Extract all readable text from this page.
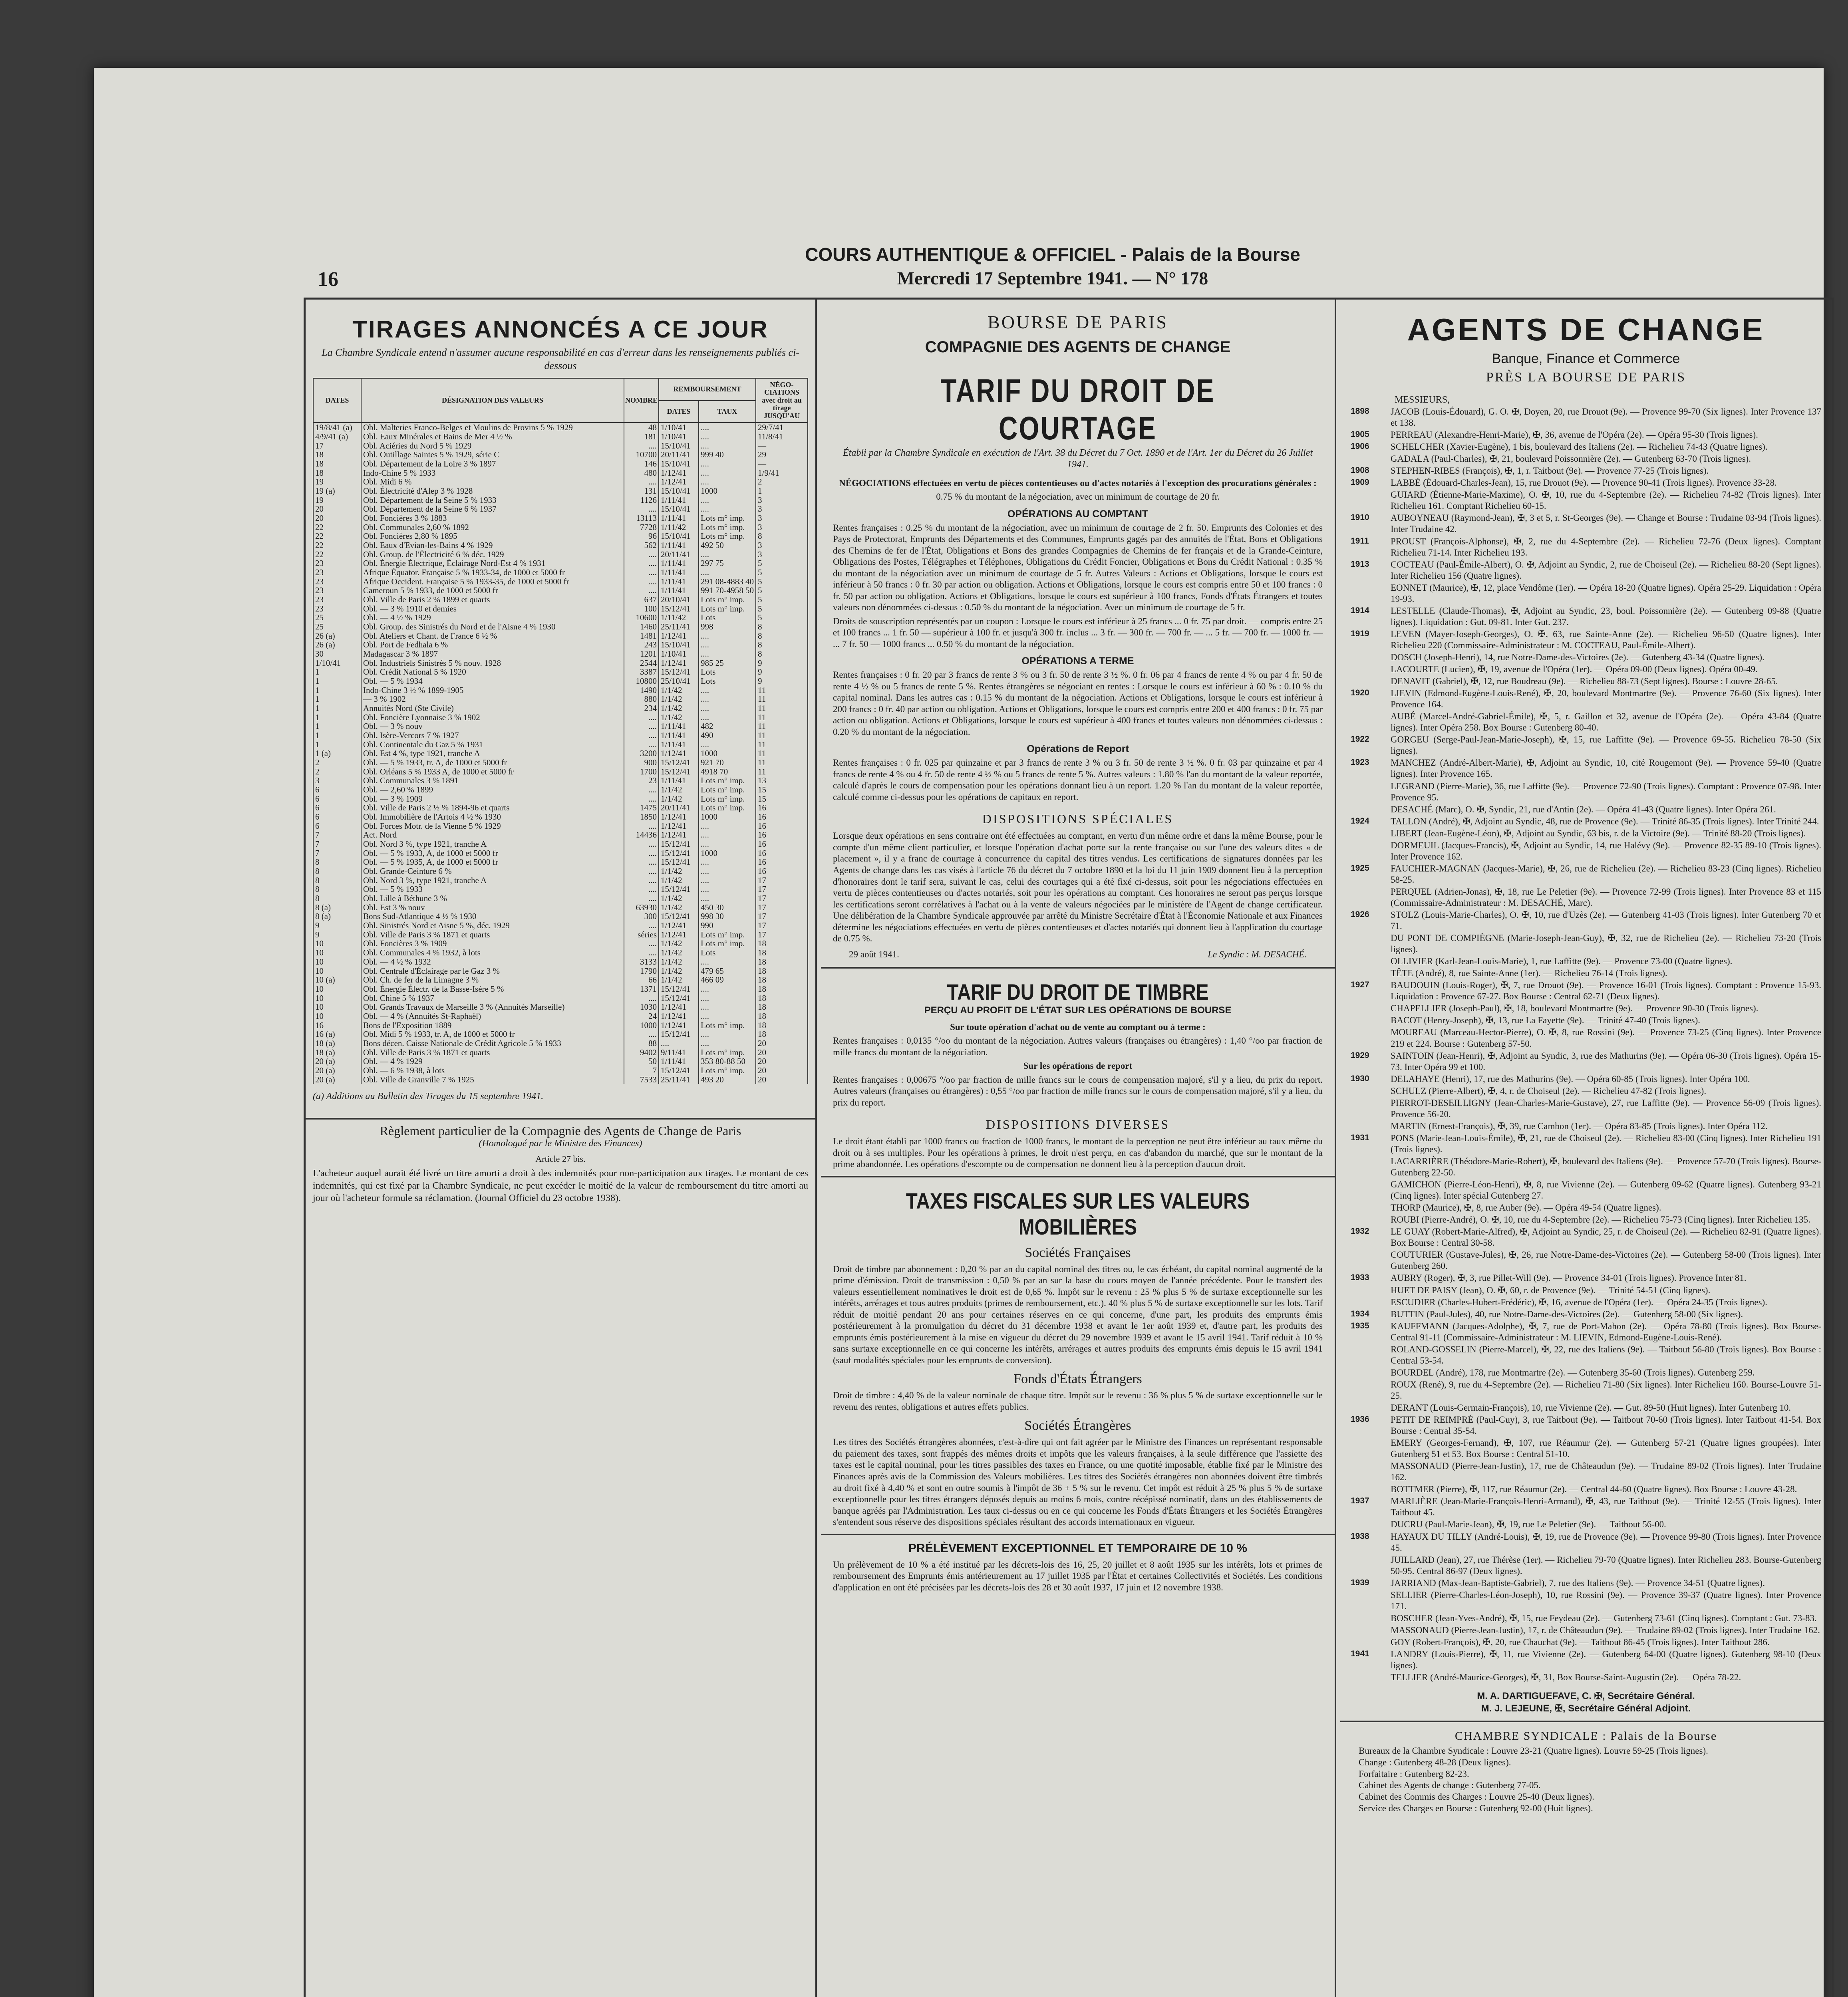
16
COURS AUTHENTIQUE & OFFICIEL - Palais de la Bourse
Mercredi 17 Septembre 1941. — N° 178
TIRAGES ANNONCÉS A CE JOUR
La Chambre Syndicale entend n'assumer aucune responsabilité en cas d'erreur dans les renseignements publiés ci-dessous
DATES	DÉSIGNATION DES VALEURS	NOMBRE	REMBOURSEMENT		NÉGO-CIATIONS avec droit au tirage JUSQU'AU
			DATES	TAUX	
19/8/41 (a)	Obl. Malteries Franco-Belges et Moulins de Provins 5 % 1929	48	1/10/41	....	29/7/41
4/9/41 (a)	Obl. Eaux Minérales et Bains de Mer 4 ½ %	181	1/10/41	....	11/8/41
17	Obl. Aciéries du Nord 5 % 1929	....	15/10/41	....	—
18	Obl. Outillage Saintes 5 % 1929, série C	10700	20/11/41	999 40	29
18	Obl. Département de la Loire 3 % 1897	146	15/10/41	....	—
18	Indo-Chine 5 % 1933	480	1/12/41	....	1/9/41
19	Obl. Midi 6 %	....	1/12/41	....	2
19 (a)	Obl. Électricité d'Alep 3 % 1928	131	15/10/41	1000	1
19	Obl. Département de la Seine 5 % 1933	1126	1/11/41	....	3
20	Obl. Département de la Seine 6 % 1937	....	15/10/41	....	3
20	Obl. Foncières 3 % 1883	13113	1/11/41	Lots m° imp.	3
22	Obl. Communales 2,60 % 1892	7728	1/11/42	Lots m° imp.	3
22	Obl. Foncières 2,80 % 1895	96	15/10/41	Lots m° imp.	8
22	Obl. Eaux d'Evian-les-Bains 4 % 1929	562	1/11/41	492 50	3
22	Obl. Group. de l'Électricité 6 % déc. 1929	....	20/11/41	....	3
23	Obl. Énergie Électrique, Éclairage Nord-Est 4 % 1931	....	1/11/41	297 75	5
23	Afrique Équator. Française 5 % 1933-34, de 1000 et 5000 fr	....	1/11/41	....	5
23	Afrique Occident. Française 5 % 1933-35, de 1000 et 5000 fr	....	1/11/41	291 08-4883 40	5
23	Cameroun 5 % 1933, de 1000 et 5000 fr	....	1/11/41	991 70-4958 50	5
23	Obl. Ville de Paris 2 % 1899 et quarts	637	20/10/41	Lots m° imp.	5
23	Obl. — 3 % 1910 et demies	100	15/12/41	Lots m° imp.	5
25	Obl. — 4 ½ % 1929	10600	1/11/42	Lots	5
25	Obl. Group. des Sinistrés du Nord et de l'Aisne 4 % 1930	1460	25/11/41	998	8
26 (a)	Obl. Ateliers et Chant. de France 6 ½ %	1481	1/12/41	....	8
26 (a)	Obl. Port de Fedhala 6 %	243	15/10/41	....	8
30	Madagascar 3 % 1897	1201	1/10/41	....	8
1/10/41	Obl. Industriels Sinistrés 5 % nouv. 1928	2544	1/12/41	985 25	9
1	Obl. Crédit National 5 % 1920	3387	15/12/41	Lots	9
1	Obl. — 5 % 1934	10800	25/10/41	Lots	9
1	Indo-Chine 3 ½ % 1899-1905	1490	1/1/42	....	11
1	— 3 % 1902	880	1/1/42	....	11
1	Annuités Nord (Ste Civile)	234	1/1/42	....	11
1	Obl. Foncière Lyonnaise 3 % 1902	....	1/1/42	....	11
1	Obl. — 3 % nouv	....	1/11/41	482	11
1	Obl. Isère-Vercors 7 % 1927	....	1/11/41	490	11
1	Obl. Continentale du Gaz 5 % 1931	....	1/11/41	....	11
1 (a)	Obl. Est 4 %, type 1921, tranche A	3200	1/12/41	1000	11
2	Obl. — 5 % 1933, tr. A, de 1000 et 5000 fr	900	15/12/41	921 70	11
2	Obl. Orléans 5 % 1933 A, de 1000 et 5000 fr	1700	15/12/41	4918 70	11
3	Obl. Communales 3 % 1891	23	1/11/41	Lots m° imp.	13
6	Obl. — 2,60 % 1899	....	1/1/42	Lots m° imp.	15
6	Obl. — 3 % 1909	....	1/1/42	Lots m° imp.	15
6	Obl. Ville de Paris 2 ½ % 1894-96 et quarts	1475	20/11/41	Lots m° imp.	16
6	Obl. Immobilière de l'Artois 4 ½ % 1930	1850	1/12/41	1000	16
6	Obl. Forces Motr. de la Vienne 5 % 1929	....	1/12/41	....	16
7	Act. Nord	14436	1/12/41	....	16
7	Obl. Nord 3 %, type 1921, tranche A	....	15/12/41	....	16
7	Obl. — 5 % 1933, A, de 1000 et 5000 fr	....	15/12/41	1000	16
8	Obl. — 5 % 1935, A, de 1000 et 5000 fr	....	15/12/41	....	16
8	Obl. Grande-Ceinture 6 %	....	1/1/42	....	16
8	Obl. Nord 3 %, type 1921, tranche A	....	1/1/42	....	17
8	Obl. — 5 % 1933	....	15/12/41	....	17
8	Obl. Lille à Béthune 3 %	....	1/1/42	....	17
8 (a)	Obl. Est 3 % nouv	63930	1/1/42	450 30	17
8 (a)	Bons Sud-Atlantique 4 ½ % 1930	300	15/12/41	998 30	17
9	Obl. Sinistrés Nord et Aisne 5 %, déc. 1929	....	1/12/41	990	17
9	Obl. Ville de Paris 3 % 1871 et quarts	séries	1/12/41	Lots m° imp.	17
10	Obl. Foncières 3 % 1909	....	1/1/42	Lots m° imp.	18
10	Obl. Communales 4 % 1932, à lots	....	1/1/42	Lots	18
10	Obl. — 4 ½ % 1932	3133	1/1/42	....	18
10	Obl. Centrale d'Éclairage par le Gaz 3 %	1790	1/1/42	479 65	18
10 (a)	Obl. Ch. de fer de la Limagne 3 %	66	1/1/42	466 09	18
10	Obl. Énergie Électr. de la Basse-Isère 5 %	1371	15/12/41	....	18
10	Obl. Chine 5 % 1937	....	15/12/41	....	18
10	Obl. Grands Travaux de Marseille 3 % (Annuités Marseille)	1030	1/12/41	....	18
10	Obl. — 4 % (Annuités St-Raphaël)	24	1/12/41	....	18
16	Bons de l'Exposition 1889	1000	1/12/41	Lots m° imp.	18
16 (a)	Obl. Midi 5 % 1933, tr. A, de 1000 et 5000 fr	....	15/12/41	....	18
18 (a)	Bons décen. Caisse Nationale de Crédit Agricole 5 % 1933	88	....	....	20
18 (a)	Obl. Ville de Paris 3 % 1871 et quarts	9402	9/11/41	Lots m° imp.	20
20 (a)	Obl. — 4 % 1929	50	1/11/41	353 80-88 50	20
20 (a)	Obl. — 6 % 1938, à lots	7	15/12/41	Lots m° imp.	20
20 (a)	Obl. Ville de Granville 7 % 1925	7533	25/11/41	493 20	20
(a) Additions au Bulletin des Tirages du 15 septembre 1941.
Règlement particulier de la Compagnie des Agents de Change de Paris
(Homologué par le Ministre des Finances)
Article 27 bis.
L'acheteur auquel aurait été livré un titre amorti a droit à des indemnités pour non-participation aux tirages. Le montant de ces indemnités, qui est fixé par la Chambre Syndicale, ne peut excéder le moitié de la valeur de remboursement du titre amorti au jour où l'acheteur formule sa réclamation. (Journal Officiel du 23 octobre 1938).
BOURSE DE PARIS
COMPAGNIE DES AGENTS DE CHANGE
TARIF DU DROIT DE COURTAGE
Établi par la Chambre Syndicale en exécution de l'Art. 38 du Décret du 7 Oct. 1890 et de l'Art. 1er du Décret du 26 Juillet 1941.

NÉGOCIATIONS effectuées en vertu de pièces contentieuses ou d'actes notariés à l'exception des procurations générales :

0.75 % du montant de la négociation, avec un minimum de courtage de 20 fr.

OPÉRATIONS AU COMPTANT

Rentes françaises : 0.25 % du montant de la négociation, avec un minimum de courtage de 2 fr. 50. Emprunts des Colonies et des Pays de Protectorat, Emprunts des Départements et des Communes, Emprunts gagés par des annuités de l'État, Bons et Obligations des Chemins de fer de l'État, Obligations et Bons des grandes Compagnies de Chemins de fer français et de la Grande-Ceinture, Obligations des Postes, Télégraphes et Téléphones, Obligations du Crédit Foncier, Obligations et Bons du Crédit National : 0.35 % du montant de la négociation avec un minimum de courtage de 5 fr. Autres Valeurs : Actions et Obligations, lorsque le cours est inférieur à 50 francs : 0 fr. 30 par action ou obligation. Actions et Obligations, lorsque le cours est compris entre 50 et 100 francs : 0 fr. 50 par action ou obligation. Actions et Obligations, lorsque le cours est supérieur à 100 francs, Fonds d'États Étrangers et toutes valeurs non dénommées ci-dessus : 0.50 % du montant de la négociation. Avec un minimum de courtage de 5 fr.

Droits de souscription représentés par un coupon : Lorsque le cours est inférieur à 25 francs ... 0 fr. 75 par droit. — compris entre 25 et 100 francs ... 1 fr. 50 — supérieur à 100 fr. et jusqu'à 300 fr. inclus ... 3 fr. — 300 fr. — 700 fr. — ... 5 fr. — 700 fr. — 1000 fr. — ... 7 fr. 50 — 1000 francs ... 0.50 % du montant de la négociation.

OPÉRATIONS A TERME

Rentes françaises : 0 fr. 20 par 3 francs de rente 3 % ou 3 fr. 50 de rente 3 ½ %. 0 fr. 06 par 4 francs de rente 4 % ou par 4 fr. 50 de rente 4 ½ % ou 5 francs de rente 5 %. Rentes étrangères se négociant en rentes : Lorsque le cours est inférieur à 60 % : 0.10 % du capital nominal. Dans les autres cas : 0.15 % du montant de la négociation. Actions et Obligations, lorsque le cours est inférieur à 200 francs : 0 fr. 40 par action ou obligation. Actions et Obligations, lorsque le cours est compris entre 200 et 400 francs : 0 fr. 75 par action ou obligation. Actions et Obligations, lorsque le cours est supérieur à 400 francs et toutes valeurs non dénommées ci-dessus : 0.20 % du montant de la négociation.

Opérations de Report

Rentes françaises : 0 fr. 025 par quinzaine et par 3 francs de rente 3 % ou 3 fr. 50 de rente 3 ½ %. 0 fr. 03 par quinzaine et par 4 francs de rente 4 % ou 4 fr. 50 de rente 4 ½ % ou 5 francs de rente 5 %. Autres valeurs : 1.80 % l'an du montant de la valeur reportée, calculé d'après le cours de compensation pour les opérations donnant lieu à un report. 1.20 % l'an du montant de la valeur reportée, calculé comme ci-dessus pour les opérations de capitaux en report.

DISPOSITIONS SPÉCIALES

Lorsque deux opérations en sens contraire ont été effectuées au comptant, en vertu d'un même ordre et dans la même Bourse, pour le compte d'un même client particulier, et lorsque l'opération d'achat porte sur la rente française ou sur l'une des valeurs dites « de placement », il y a franc de courtage à concurrence du capital des titres vendus. Les certifications de signatures données par les Agents de change dans les cas visés à l'article 76 du décret du 7 octobre 1890 et la loi du 11 juin 1909 donnent lieu à la perception d'honoraires dont le tarif sera, suivant le cas, celui des courtages qui a été fixé ci-dessus, soit pour les négociations effectuées en vertu de pièces contentieuses ou d'actes notariés, soit pour les opérations au comptant. Ces honoraires ne seront pas perçus lorsque les certifications seront corrélatives à l'achat ou à la vente de valeurs négociées par le ministère de l'Agent de change certificateur. Une délibération de la Chambre Syndicale approuvée par arrêté du Ministre Secrétaire d'État à l'Économie Nationale et aux Finances détermine les négociations effectuées en vertu de pièces contentieuses et d'actes notariés qui donnent lieu à l'application du courtage de 0.75 %.

29 août 1941.	Le Syndic : M. DESACHÉ.
TARIF DU DROIT DE TIMBRE
PERÇU AU PROFIT DE L'ÉTAT SUR LES OPÉRATIONS DE BOURSE

Sur toute opération d'achat ou de vente au comptant ou à terme :

Rentes françaises : 0,0135 °/oo du montant de la négociation. Autres valeurs (françaises ou étrangères) : 1,40 °/oo par fraction de mille francs du montant de la négociation.

Sur les opérations de report

Rentes françaises : 0,00675 °/oo par fraction de mille francs sur le cours de compensation majoré, s'il y a lieu, du prix du report. Autres valeurs (françaises ou étrangères) : 0,55 °/oo par fraction de mille francs sur le cours de compensation majoré, s'il y a lieu, du prix du report.

DISPOSITIONS DIVERSES

Le droit étant établi par 1000 francs ou fraction de 1000 francs, le montant de la perception ne peut être inférieur au taux même du droit ou à ses multiples. Pour les opérations à primes, le droit n'est perçu, en cas d'abandon du marché, que sur le montant de la prime abandonnée. Les opérations d'escompte ou de compensation ne donnent lieu à la perception d'aucun droit.

TAXES FISCALES SUR LES VALEURS MOBILIÈRES
Sociétés Françaises

Droit de timbre par abonnement : 0,20 % par an du capital nominal des titres ou, le cas échéant, du capital nominal augmenté de la prime d'émission. Droit de transmission : 0,50 % par an sur la base du cours moyen de l'année précédente. Pour le transfert des valeurs essentiellement nominatives le droit est de 0,65 %. Impôt sur le revenu : 25 % plus 5 % de surtaxe exceptionnelle sur les intérêts, arrérages et tous autres produits (primes de remboursement, etc.). 40 % plus 5 % de surtaxe exceptionnelle sur les lots. Tarif réduit de moitié pendant 20 ans pour certaines réserves en ce qui concerne, d'une part, les produits des emprunts émis postérieurement à la promulgation du décret du 31 décembre 1938 et avant le 1er août 1939 et, d'autre part, les produits des emprunts émis postérieurement à la mise en vigueur du décret du 29 novembre 1939 et avant le 15 avril 1941. Tarif réduit à 10 % sans surtaxe exceptionnelle en ce qui concerne les intérêts, arrérages et autres produits des emprunts émis depuis le 15 avril 1941 (sauf modalités spéciales pour les emprunts de conversion).

Fonds d'États Étrangers

Droit de timbre : 4,40 % de la valeur nominale de chaque titre. Impôt sur le revenu : 36 % plus 5 % de surtaxe exceptionnelle sur le revenu des rentes, obligations et autres effets publics.

Sociétés Étrangères

Les titres des Sociétés étrangères abonnées, c'est-à-dire qui ont fait agréer par le Ministre des Finances un représentant responsable du paiement des taxes, sont frappés des mêmes droits et impôts que les valeurs françaises, à la seule différence que l'assiette des taxes est le capital nominal, pour les titres passibles des taxes en France, ou une quotité imposable, établie fixé par le Ministre des Finances après avis de la Commission des Valeurs mobilières. Les titres des Sociétés étrangères non abonnées doivent être timbrés au droit fixé à 4,40 % et sont en outre soumis à l'impôt de 36 + 5 % sur le revenu. Cet impôt est réduit à 25 % plus 5 % de surtaxe exceptionnelle pour les titres étrangers déposés depuis au moins 6 mois, contre récépissé nominatif, dans un des établissements de banque agréés par l'Administration. Les taux ci-dessus ou en ce qui concerne les Fonds d'États Étrangers et les Sociétés Étrangères s'entendent sous réserve des dispositions spéciales résultant des accords internationaux en vigueur.

PRÉLÈVEMENT EXCEPTIONNEL ET TEMPORAIRE DE 10 %

Un prélèvement de 10 % a été institué par les décrets-lois des 16, 25, 20 juillet et 8 août 1935 sur les intérêts, lots et primes de remboursement des Emprunts émis antérieurement au 17 juillet 1935 par l'État et certaines Collectivités et Sociétés. Les conditions d'application en ont été précisées par les décrets-lois des 28 et 30 août 1937, 17 juin et 12 novembre 1938.

AGENTS DE CHANGE
Banque, Finance et Commerce
PRÈS LA BOURSE DE PARIS
MESSIEURS,
1898	JACOB (Louis-Édouard), G. O. ✠, Doyen, 20, rue Drouot (9e). — Provence 99-70 (Six lignes). Inter Provence 137 et 138.
1905	PERREAU (Alexandre-Henri-Marie), ✠, 36, avenue de l'Opéra (2e). — Opéra 95-30 (Trois lignes).
1906	SCHELCHER (Xavier-Eugène), 1 bis, boulevard des Italiens (2e). — Richelieu 74-43 (Quatre lignes).
GADALA (Paul-Charles), ✠, 21, boulevard Poissonnière (2e). — Gutenberg 63-70 (Trois lignes).
1908	STEPHEN-RIBES (François), ✠, 1, r. Taitbout (9e). — Provence 77-25 (Trois lignes).
1909	LABBÉ (Édouard-Charles-Jean), 15, rue Drouot (9e). — Provence 90-41 (Trois lignes). Provence 33-28.
GUIARD (Étienne-Marie-Maxime), O. ✠, 10, rue du 4-Septembre (2e). — Richelieu 74-82 (Trois lignes). Inter Richelieu 161. Comptant Richelieu 60-15.
1910	AUBOYNEAU (Raymond-Jean), ✠, 3 et 5, r. St-Georges (9e). — Change et Bourse : Trudaine 03-94 (Trois lignes). Inter Trudaine 42.
1911	PROUST (François-Alphonse), ✠, 2, rue du 4-Septembre (2e). — Richelieu 72-76 (Deux lignes). Comptant Richelieu 71-14. Inter Richelieu 193.
1913	COCTEAU (Paul-Émile-Albert), O. ✠, Adjoint au Syndic, 2, rue de Choiseul (2e). — Richelieu 88-20 (Sept lignes). Inter Richelieu 156 (Quatre lignes).
EONNET (Maurice), ✠, 12, place Vendôme (1er). — Opéra 18-20 (Quatre lignes). Opéra 25-29. Liquidation : Opéra 19-93.
1914	LESTELLE (Claude-Thomas), ✠, Adjoint au Syndic, 23, boul. Poissonnière (2e). — Gutenberg 09-88 (Quatre lignes). Liquidation : Gut. 09-81. Inter Gut. 237.
1919	LEVEN (Mayer-Joseph-Georges), O. ✠, 63, rue Sainte-Anne (2e). — Richelieu 96-50 (Quatre lignes). Inter Richelieu 220 (Commissaire-Administrateur : M. COCTEAU, Paul-Émile-Albert).
DOSCH (Joseph-Henri), 14, rue Notre-Dame-des-Victoires (2e). — Gutenberg 43-34 (Quatre lignes).
LACOURTE (Lucien), ✠, 19, avenue de l'Opéra (1er). — Opéra 09-00 (Deux lignes). Opéra 00-49.
DENAVIT (Gabriel), ✠, 12, rue Boudreau (9e). — Richelieu 88-73 (Sept lignes). Bourse : Louvre 28-65.
1920	LIEVIN (Edmond-Eugène-Louis-René), ✠, 20, boulevard Montmartre (9e). — Provence 76-60 (Six lignes). Inter Provence 164.
AUBÉ (Marcel-André-Gabriel-Émile), ✠, 5, r. Gaillon et 32, avenue de l'Opéra (2e). — Opéra 43-84 (Quatre lignes). Inter Opéra 258. Box Bourse : Gutenberg 80-40.
1922	GORGEU (Serge-Paul-Jean-Marie-Joseph), ✠, 15, rue Laffitte (9e). — Provence 69-55. Richelieu 78-50 (Six lignes).
1923	MANCHEZ (André-Albert-Marie), ✠, Adjoint au Syndic, 10, cité Rougemont (9e). — Provence 59-40 (Quatre lignes). Inter Provence 165.
LEGRAND (Pierre-Marie), 36, rue Laffitte (9e). — Provence 72-90 (Trois lignes). Comptant : Provence 07-98. Inter Provence 95.
DESACHÉ (Marc), O. ✠, Syndic, 21, rue d'Antin (2e). — Opéra 41-43 (Quatre lignes). Inter Opéra 261.
1924	TALLON (André), ✠, Adjoint au Syndic, 48, rue de Provence (9e). — Trinité 86-35 (Trois lignes). Inter Trinité 244.
LIBERT (Jean-Eugène-Léon), ✠, Adjoint au Syndic, 63 bis, r. de la Victoire (9e). — Trinité 88-20 (Trois lignes).
DORMEUIL (Jacques-Francis), ✠, Adjoint au Syndic, 14, rue Halévy (9e). — Provence 82-35 89-10 (Trois lignes). Inter Provence 162.
1925	FAUCHIER-MAGNAN (Jacques-Marie), ✠, 26, rue de Richelieu (2e). — Richelieu 83-23 (Cinq lignes). Richelieu 58-25.
PERQUEL (Adrien-Jonas), ✠, 18, rue Le Peletier (9e). — Provence 72-99 (Trois lignes). Inter Provence 83 et 115 (Commissaire-Administrateur : M. DESACHÉ, Marc).
1926	STOLZ (Louis-Marie-Charles), O. ✠, 10, rue d'Uzès (2e). — Gutenberg 41-03 (Trois lignes). Inter Gutenberg 70 et 71.
DU PONT DE COMPIÈGNE (Marie-Joseph-Jean-Guy), ✠, 32, rue de Richelieu (2e). — Richelieu 73-20 (Trois lignes).
OLLIVIER (Karl-Jean-Louis-Marie), 1, rue Laffitte (9e). — Provence 73-00 (Quatre lignes).
TÊTE (André), 8, rue Sainte-Anne (1er). — Richelieu 76-14 (Trois lignes).
1927	BAUDOUIN (Louis-Roger), ✠, 7, rue Drouot (9e). — Provence 16-01 (Trois lignes). Comptant : Provence 15-93. Liquidation : Provence 67-27. Box Bourse : Central 62-71 (Deux lignes).
CHAPELLIER (Joseph-Paul), ✠, 18, boulevard Montmartre (9e). — Provence 90-30 (Trois lignes).
BACOT (Henry-Joseph), ✠, 13, rue La Fayette (9e). — Trinité 47-40 (Trois lignes).
MOUREAU (Marceau-Hector-Pierre), O. ✠, 8, rue Rossini (9e). — Provence 73-25 (Cinq lignes). Inter Provence 219 et 224. Bourse : Gutenberg 57-50.
1929	SAINTOIN (Jean-Henri), ✠, Adjoint au Syndic, 3, rue des Mathurins (9e). — Opéra 06-30 (Trois lignes). Opéra 15-73. Inter Opéra 99 et 100.
1930	DELAHAYE (Henri), 17, rue des Mathurins (9e). — Opéra 60-85 (Trois lignes). Inter Opéra 100.
SCHULZ (Pierre-Albert), ✠, 4, r. de Choiseul (2e). — Richelieu 47-82 (Trois lignes).
PIERROT-DESEILLIGNY (Jean-Charles-Marie-Gustave), 27, rue Laffitte (9e). — Provence 56-09 (Trois lignes). Provence 56-20.
MARTIN (Ernest-François), ✠, 39, rue Cambon (1er). — Opéra 83-85 (Trois lignes). Inter Opéra 112.
1931	PONS (Marie-Jean-Louis-Émile), ✠, 21, rue de Choiseul (2e). — Richelieu 83-00 (Cinq lignes). Inter Richelieu 191 (Trois lignes).
LACARRIÈRE (Théodore-Marie-Robert), ✠, boulevard des Italiens (9e). — Provence 57-70 (Trois lignes). Bourse-Gutenberg 22-50.
GAMICHON (Pierre-Léon-Henri), ✠, 8, rue Vivienne (2e). — Gutenberg 09-62 (Quatre lignes). Gutenberg 93-21 (Cinq lignes). Inter spécial Gutenberg 27.
THORP (Maurice), ✠, 8, rue Auber (9e). — Opéra 49-54 (Quatre lignes).
ROUBI (Pierre-André), O. ✠, 10, rue du 4-Septembre (2e). — Richelieu 75-73 (Cinq lignes). Inter Richelieu 135.
1932	LE GUAY (Robert-Marie-Alfred), ✠, Adjoint au Syndic, 25, r. de Choiseul (2e). — Richelieu 82-91 (Quatre lignes). Box Bourse : Central 30-58.
COUTURIER (Gustave-Jules), ✠, 26, rue Notre-Dame-des-Victoires (2e). — Gutenberg 58-00 (Trois lignes). Inter Gutenberg 260.
1933	AUBRY (Roger), ✠, 3, rue Pillet-Will (9e). — Provence 34-01 (Trois lignes). Provence Inter 81.
HUET DE PAISY (Jean), O. ✠, 60, r. de Provence (9e). — Trinité 54-51 (Cinq lignes).
ESCUDIER (Charles-Hubert-Frédéric), ✠, 16, avenue de l'Opéra (1er). — Opéra 24-35 (Trois lignes).
1934	BUTTIN (Paul-Jules), 40, rue Notre-Dame-des-Victoires (2e). — Gutenberg 58-00 (Six lignes).
1935	KAUFFMANN (Jacques-Adolphe), ✠, 7, rue de Port-Mahon (2e). — Opéra 78-80 (Trois lignes). Box Bourse-Central 91-11 (Commissaire-Administrateur : M. LIEVIN, Edmond-Eugène-Louis-René).
ROLAND-GOSSELIN (Pierre-Marcel), ✠, 22, rue des Italiens (9e). — Taitbout 56-80 (Trois lignes). Box Bourse : Central 53-54.
BOURDEL (André), 178, rue Montmartre (2e). — Gutenberg 35-60 (Trois lignes). Gutenberg 259.
ROUX (René), 9, rue du 4-Septembre (2e). — Richelieu 71-80 (Six lignes). Inter Richelieu 160. Bourse-Louvre 51-25.
DERANT (Louis-Germain-François), 10, rue Vivienne (2e). — Gut. 89-50 (Huit lignes). Inter Gutenberg 10.
1936	PETIT DE REIMPRÉ (Paul-Guy), 3, rue Taitbout (9e). — Taitbout 70-60 (Trois lignes). Inter Taitbout 41-54. Box Bourse : Central 35-54.
EMERY (Georges-Fernand), ✠, 107, rue Réaumur (2e). — Gutenberg 57-21 (Quatre lignes groupées). Inter Gutenberg 51 et 53. Box Bourse : Central 51-10.
MASSONAUD (Pierre-Jean-Justin), 17, rue de Châteaudun (9e). — Trudaine 89-02 (Trois lignes). Inter Trudaine 162.
BOTTMER (Pierre), ✠, 117, rue Réaumur (2e). — Central 44-60 (Quatre lignes). Box Bourse : Louvre 43-28.
1937	MARLIÈRE (Jean-Marie-François-Henri-Armand), ✠, 43, rue Taitbout (9e). — Trinité 12-55 (Trois lignes). Inter Taitbout 45.
DUCRU (Paul-Marie-Jean), ✠, 19, rue Le Peletier (9e). — Taitbout 56-00.
1938	HAYAUX DU TILLY (André-Louis), ✠, 19, rue de Provence (9e). — Provence 99-80 (Trois lignes). Inter Provence 45.
JUILLARD (Jean), 27, rue Thérèse (1er). — Richelieu 79-70 (Quatre lignes). Inter Richelieu 283. Bourse-Gutenberg 50-95. Central 86-97 (Deux lignes).
1939	JARRIAND (Max-Jean-Baptiste-Gabriel), 7, rue des Italiens (9e). — Provence 34-51 (Quatre lignes).
SELLIER (Pierre-Charles-Léon-Joseph), 10, rue Rossini (9e). — Provence 39-37 (Quatre lignes). Inter Provence 171.
BOSCHER (Jean-Yves-André), ✠, 15, rue Feydeau (2e). — Gutenberg 73-61 (Cinq lignes). Comptant : Gut. 73-83.
MASSONAUD (Pierre-Jean-Justin), 17, r. de Châteaudun (9e). — Trudaine 89-02 (Trois lignes). Inter Trudaine 162.
GOY (Robert-François), ✠, 20, rue Chauchat (9e). — Taitbout 86-45 (Trois lignes). Inter Taitbout 286.
1941	LANDRY (Louis-Pierre), ✠, 11, rue Vivienne (2e). — Gutenberg 64-00 (Quatre lignes). Gutenberg 98-10 (Deux lignes).
TELLIER (André-Maurice-Georges), ✠, 31, Box Bourse-Saint-Augustin (2e). — Opéra 78-22.
M. A. DARTIGUEFAVE, C. ✠, Secrétaire Général.
M. J. LEJEUNE, ✠, Secrétaire Général Adjoint.
CHAMBRE SYNDICALE : Palais de la Bourse
Bureaux de la Chambre Syndicale : Louvre 23-21 (Quatre lignes). Louvre 59-25 (Trois lignes).
Change : Gutenberg 48-28 (Deux lignes).
Forfaitaire : Gutenberg 82-23.
Cabinet des Agents de change : Gutenberg 77-05.
Cabinet des Commis des Charges : Louvre 25-40 (Deux lignes).
Service des Charges en Bourse : Gutenberg 92-00 (Huit lignes).
